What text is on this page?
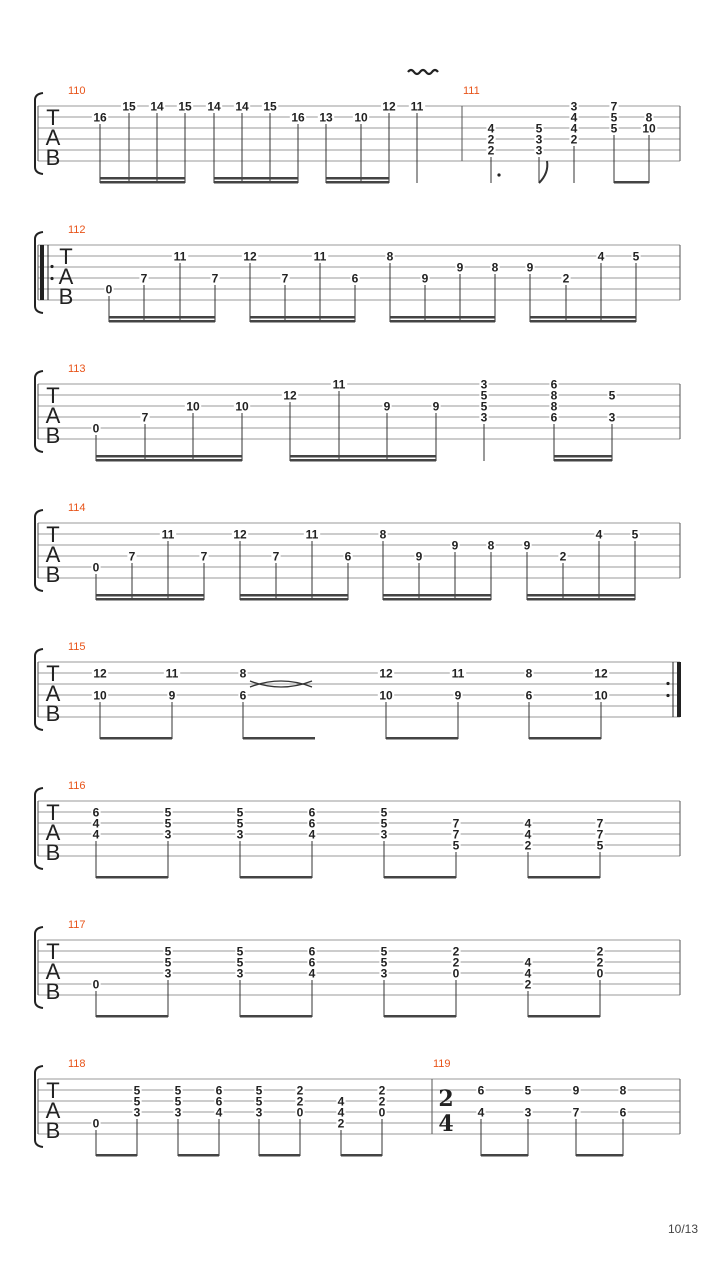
T
A
B
110
16
15 14 15 14 14 15
16 13 10
12 11
111
4
2
2
5
3
3
3
4
4
2
7
5
5
8
10
T
A
B
112
0
7
11
7
12
7
11
6
8
9
9 8 9
2
4 5
T
A
B
113
0
7
10	10
12
11
9	9
3
5
5
3
6
8
8
6
5
3
T
A
B
114
0
7
11
7
12
7
11
6
8
9
9 8 9
2
4 5
T
A
B
115
12
10
11
9
8
6
12
10
11
9
8
6
12
10
T
A
B
116
6
4
4
5
5
3
5
5
3
6
6
4
5
5
3
7
7
5
4
4
2
7
7
5
T
A
B
117
0
5
5
3
5
5
3
6
6
4
5
5
3
2
2
0
4
4
2
2
2
0
T
A
B
118
0
5
5
3
5
5
3
6
6
4
5
5
3
2
2
0
4
4
2
2
2
0
119
2
4
6
4
5
3
9
7
8
6
10/13
